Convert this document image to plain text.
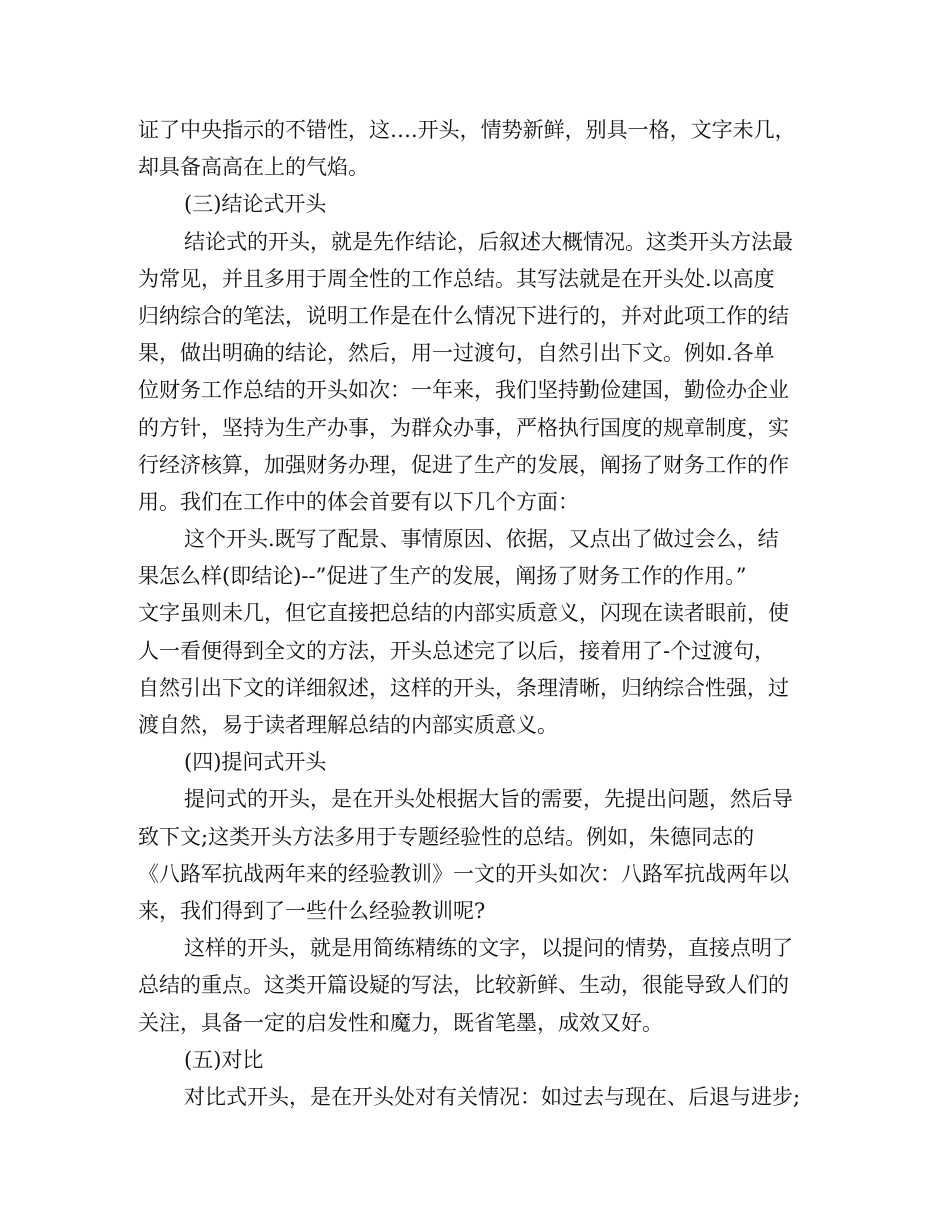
证了中央指示的不错性，这….开头，情势新鲜，别具一格，文字未几，
却具备高高在上的气焰。
(三)结论式开头
结论式的开头，就是先作结论，后叙述大概情况。这类开头方法最
为常见，并且多用于周全性的工作总结。其写法就是在开头处.以高度
归纳综合的笔法，说明工作是在什么情况下进行的，并对此项工作的结
果，做出明确的结论，然后，用一过渡句，自然引出下文。例如.各单
位财务工作总结的开头如次：一年来，我们坚持勤俭建国，勤俭办企业
的方针，坚持为生产办事，为群众办事，严格执行国度的规章制度，实
行经济核算，加强财务办理，促进了生产的发展，阐扬了财务工作的作
用。我们在工作中的体会首要有以下几个方面：
这个开头.既写了配景、事情原因、依据，又点出了做过会么，结
果怎么样(即结论)--”促进了生产的发展，阐扬了财务工作的作用。”
文字虽则未几，但它直接把总结的内部实质意义，闪现在读者眼前，使
人一看便得到全文的方法，开头总述完了以后，接着用了-个过渡句，
自然引出下文的详细叙述，这样的开头，条理清晰，归纳综合性强，过
渡自然，易于读者理解总结的内部实质意义。
(四)提问式开头
提问式的开头，是在开头处根据大旨的需要，先提出问题，然后导
致下文;这类开头方法多用于专题经验性的总结。例如，朱德同志的
《八路军抗战两年来的经验教训》一文的开头如次：八路军抗战两年以
来，我们得到了一些什么经验教训呢?
这样的开头，就是用简练精练的文字，以提问的情势，直接点明了
总结的重点。这类开篇设疑的写法，比较新鲜、生动，很能导致人们的
关注，具备一定的启发性和魔力，既省笔墨，成效又好。
(五)对比
对比式开头，是在开头处对有关情况：如过去与现在、后退与进步;
